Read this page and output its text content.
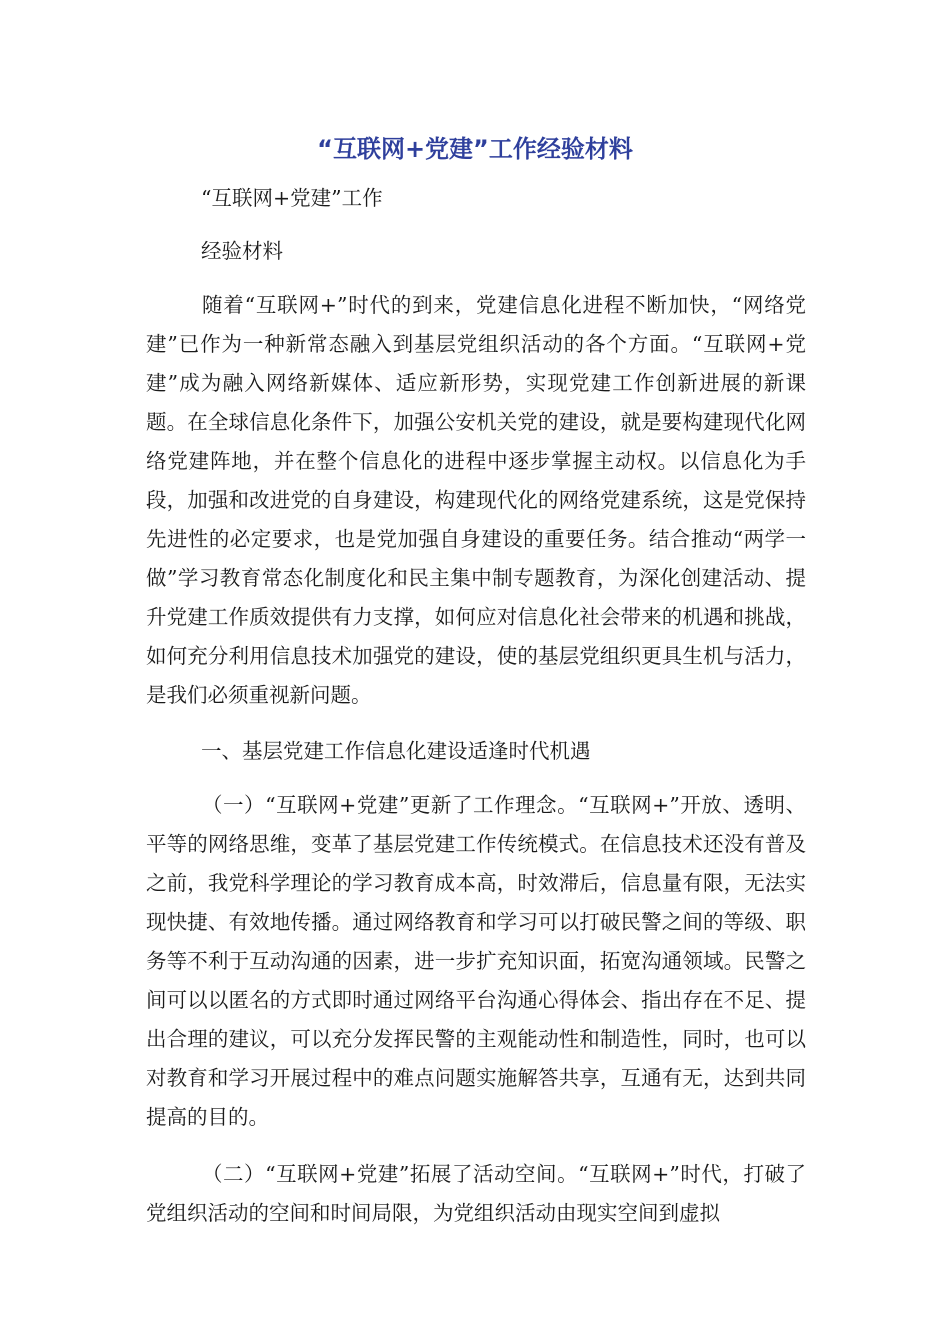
“互联网+党建”工作经验材料
“互联网+党建”工作
经验材料

随着“互联网+”时代的到来，党建信息化进程不断加快，“网络党建”已作为一种新常态融入到基层党组织活动的各个方面。“互联网+党建”成为融入网络新媒体、适应新形势，实现党建工作创新进展的新课题。在全球信息化条件下，加强公安机关党的建设，就是要构建现代化网络党建阵地，并在整个信息化的进程中逐步掌握主动权。以信息化为手段，加强和改进党的自身建设，构建现代化的网络党建系统，这是党保持先进性的必定要求，也是党加强自身建设的重要任务。结合推动“两学一做”学习教育常态化制度化和民主集中制专题教育，为深化创建活动、提升党建工作质效提供有力支撑，如何应对信息化社会带来的机遇和挑战，如何充分利用信息技术加强党的建设，使的基层党组织更具生机与活力，是我们必须重视新问题。

一、基层党建工作信息化建设适逢时代机遇

（一）“互联网+党建”更新了工作理念。“互联网+”开放、透明、平等的网络思维，变革了基层党建工作传统模式。在信息技术还没有普及之前，我党科学理论的学习教育成本高，时效滞后，信息量有限，无法实现快捷、有效地传播。通过网络教育和学习可以打破民警之间的等级、职务等不利于互动沟通的因素，进一步扩充知识面，拓宽沟通领域。民警之间可以以匿名的方式即时通过网络平台沟通心得体会、指出存在不足、提出合理的建议，可以充分发挥民警的主观能动性和制造性，同时，也可以对教育和学习开展过程中的难点问题实施解答共享，互通有无，达到共同提高的目的。

（二）“互联网+党建”拓展了活动空间。“互联网+”时代，打破了党组织活动的空间和时间局限，为党组织活动由现实空间到虚拟
